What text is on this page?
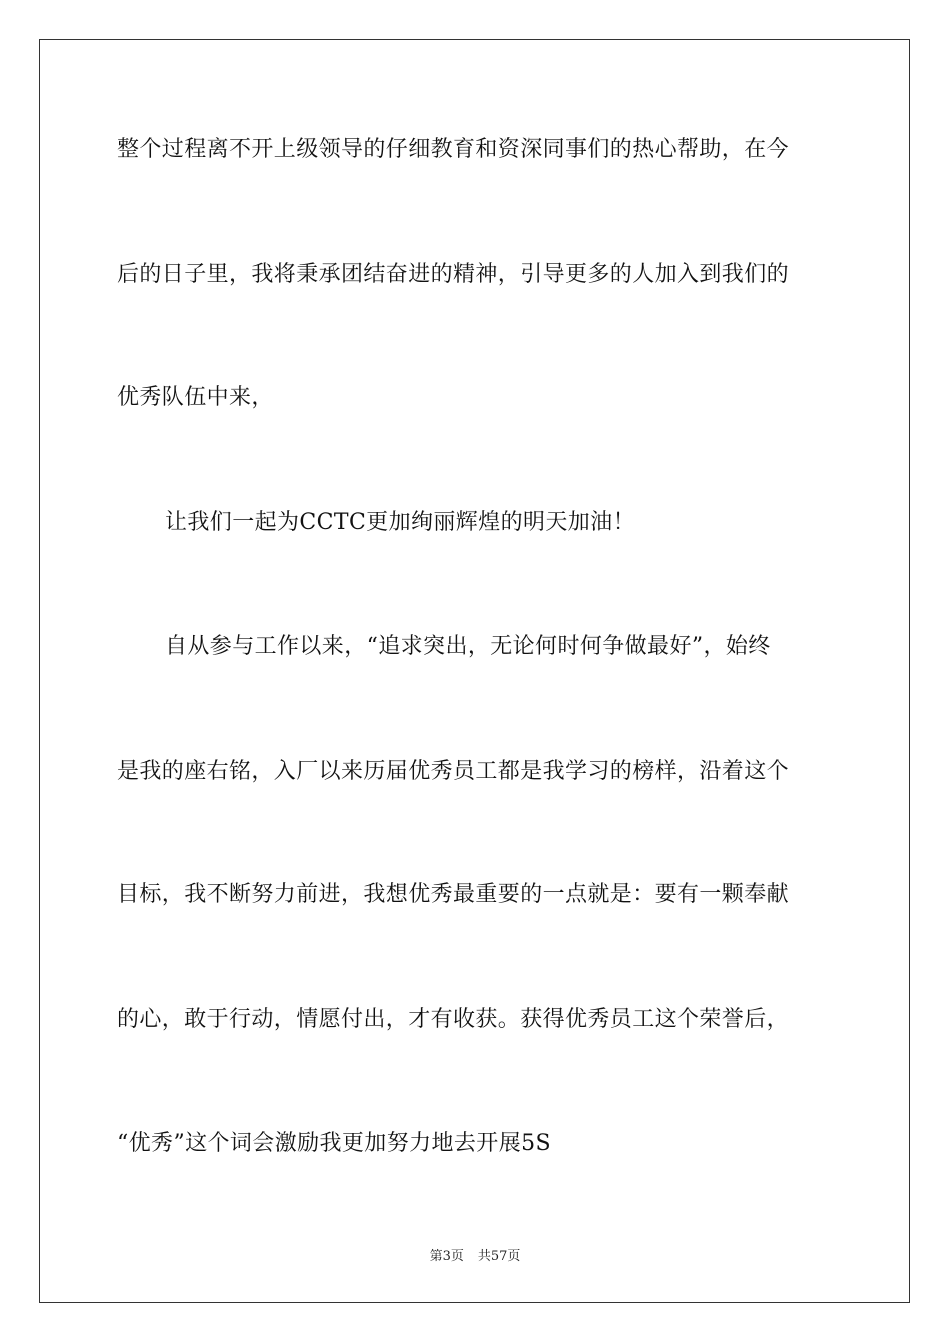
整个过程离不开上级领导的仔细教育和资深同事们的热心帮助，在今
后的日子里，我将秉承团结奋进的精神，引导更多的人加入到我们的
优秀队伍中来，
让我们一起为CCTC更加绚丽辉煌的明天加油！
自从参与工作以来，“追求突出，无论何时何争做最好”，始终
是我的座右铭，入厂以来历届优秀员工都是我学习的榜样，沿着这个
目标，我不断努力前进，我想优秀最重要的一点就是：要有一颗奉献
的心，敢于行动，情愿付出，才有收获。获得优秀员工这个荣誉后，
“优秀”这个词会激励我更加努力地去开展5S
第3页 共57页
